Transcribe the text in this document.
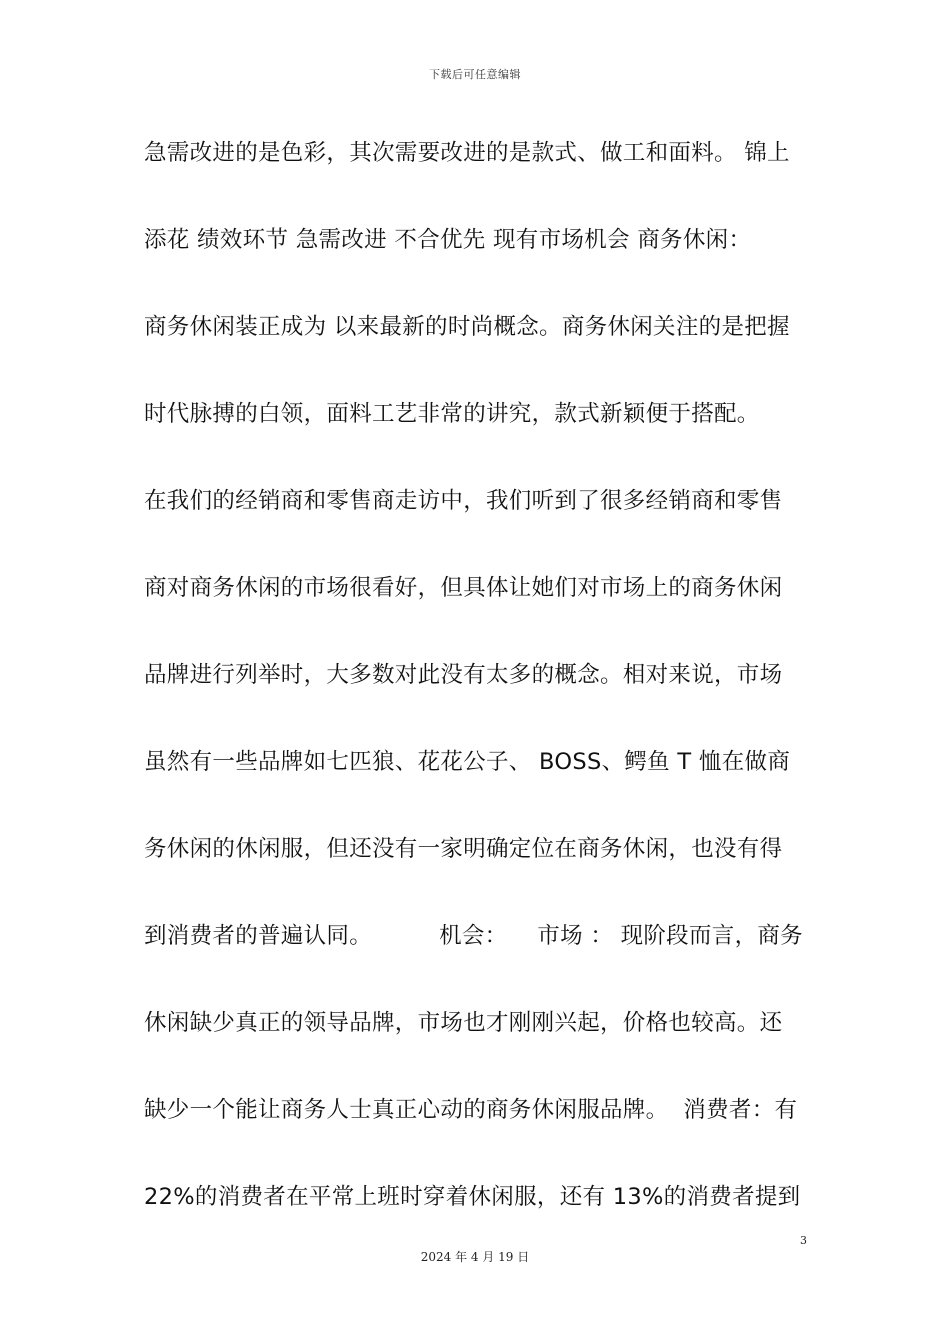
下载后可任意编辑
急需改进的是色彩，其次需要改进的是款式、做工和面料。 锦上
添花 绩效环节 急需改进 不合优先 现有市场机会 商务休闲：
商务休闲装正成为 以来最新的时尚概念。商务休闲关注的是把握
时代脉搏的白领，面料工艺非常的讲究，款式新颖便于搭配。
在我们的经销商和零售商走访中，我们听到了很多经销商和零售
商对商务休闲的市场很看好，但具体让她们对市场上的商务休闲
品牌进行列举时，大多数对此没有太多的概念。相对来说，市场
虽然有一些品牌如七匹狼、花花公子、 BOSS、鳄鱼 T 恤在做商
务休闲的休闲服，但还没有一家明确定位在商务休闲，也没有得
到消费者的普遍认同。         机会：    市场 ： 现阶段而言，商务
休闲缺少真正的领导品牌，市场也才刚刚兴起，价格也较高。还
缺少一个能让商务人士真正心动的商务休闲服品牌。  消费者：有
22%的消费者在平常上班时穿着休闲服，还有 13%的消费者提到
3
2024 年 4 月 19 日
